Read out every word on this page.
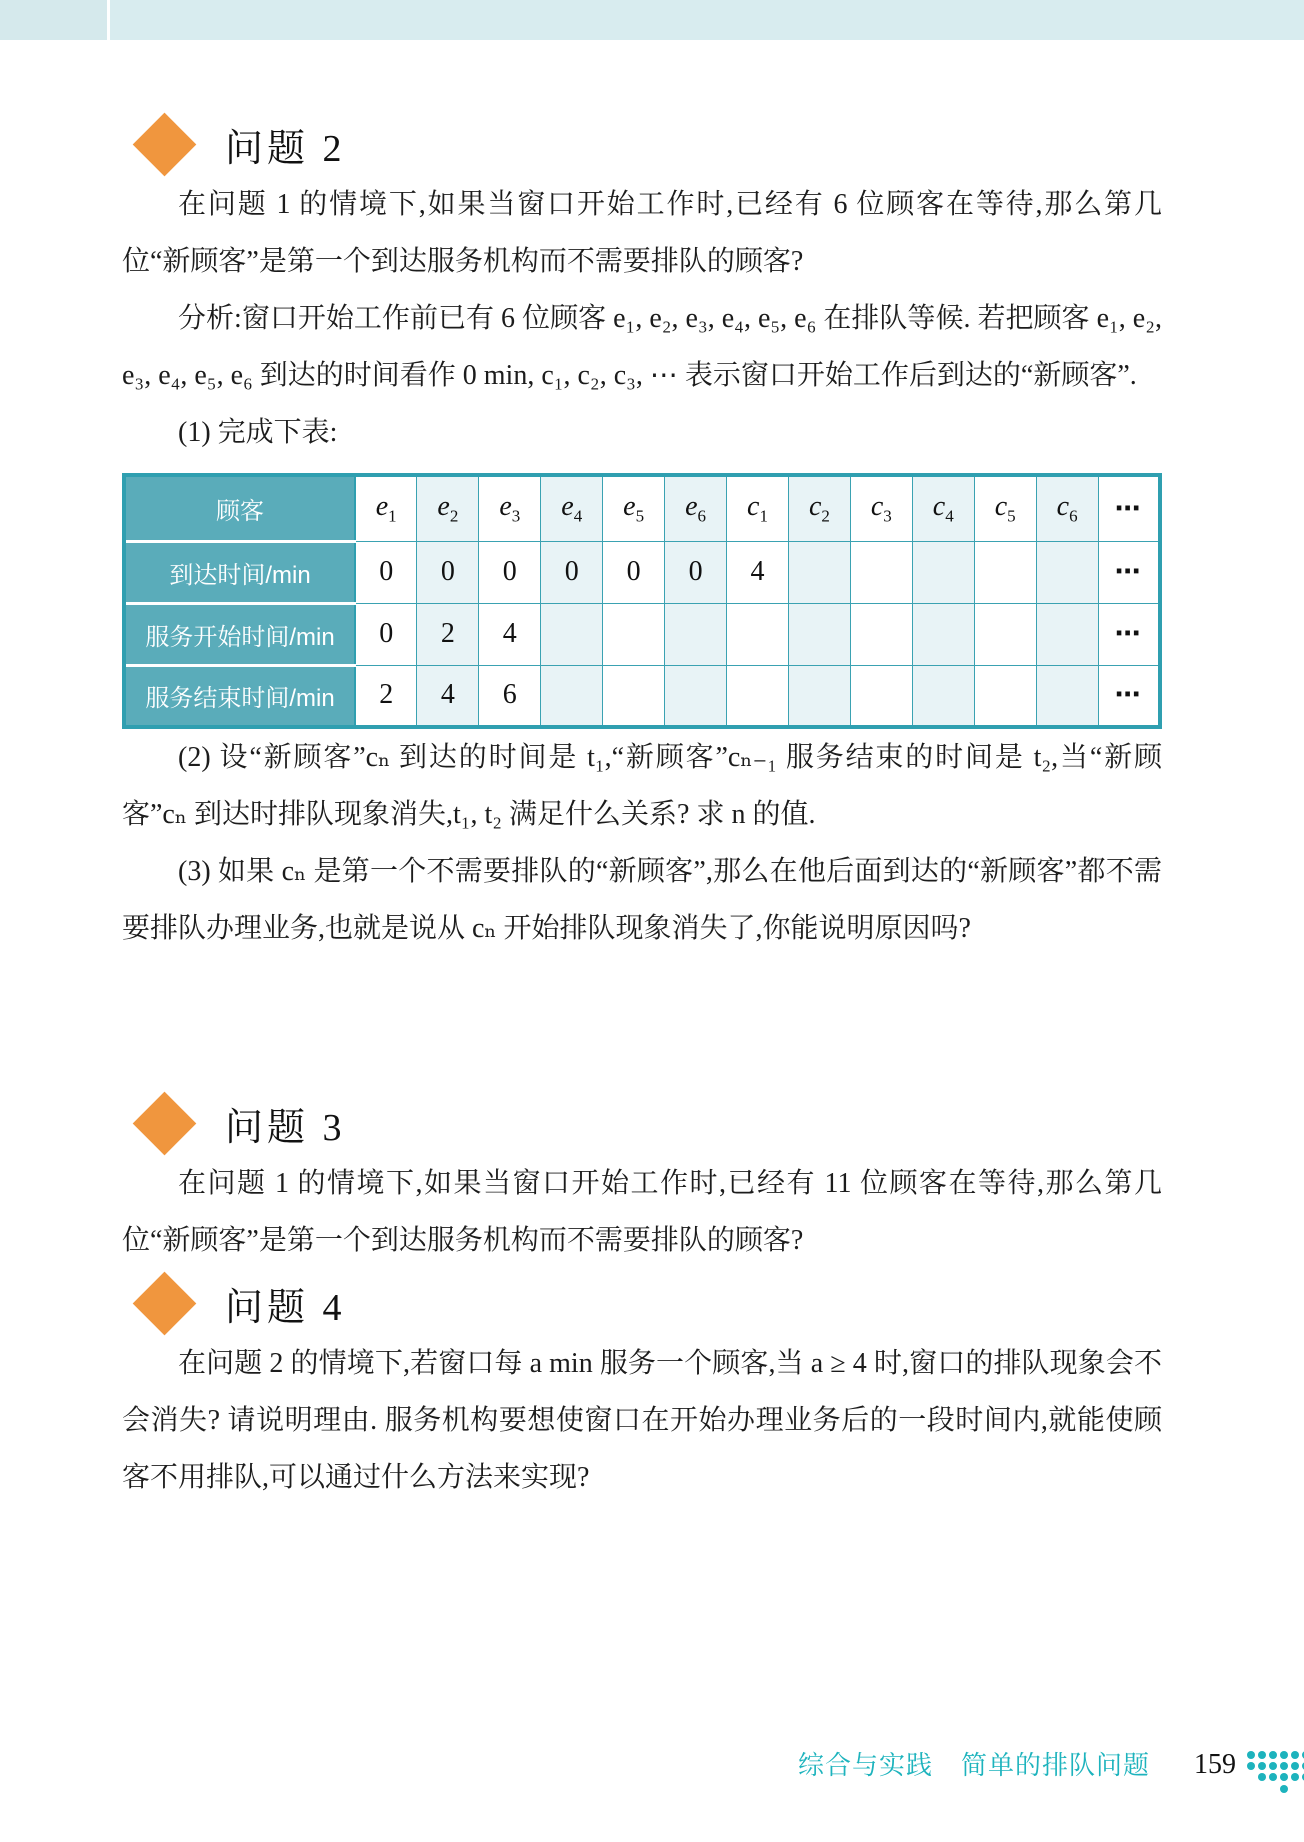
问题 2

在问题 1 的情境下,如果当窗口开始工作时,已经有 6 位顾客在等待,那么第几位“新顾客”是第一个到达服务机构而不需要排队的顾客?

分析:窗口开始工作前已有 6 位顾客 e₁, e₂, e₃, e₄, e₅, e₆ 在排队等候. 若把顾客 e₁, e₂, e₃, e₄, e₅, e₆ 到达的时间看作 0 min, c₁, c₂, c₃, ⋯ 表示窗口开始工作后到达的“新顾客”.

(1) 完成下表:

顾客	$e_1$	$e_2$	$e_3$	$e_4$	$e_5$	$e_6$	$c_1$	$c_2$	$c_3$	$c_4$	$c_5$	$c_6$	⋯
到达时间/min	0	0	0	0	0	0	4						⋯
服务开始时间/min	0	2	4										⋯
服务结束时间/min	2	4	6										⋯

(2) 设“新顾客”cₙ 到达的时间是 t₁,“新顾客”cₙ₋₁ 服务结束的时间是 t₂,当“新顾客”cₙ 到达时排队现象消失,t₁, t₂ 满足什么关系? 求 n 的值.

(3) 如果 cₙ 是第一个不需要排队的“新顾客”,那么在他后面到达的“新顾客”都不需要排队办理业务,也就是说从 cₙ 开始排队现象消失了,你能说明原因吗?

问题 3

在问题 1 的情境下,如果当窗口开始工作时,已经有 11 位顾客在等待,那么第几位“新顾客”是第一个到达服务机构而不需要排队的顾客?

问题 4

在问题 2 的情境下,若窗口每 a min 服务一个顾客,当 a ≥ 4 时,窗口的排队现象会不会消失? 请说明理由. 服务机构要想使窗口在开始办理业务后的一段时间内,就能使顾客不用排队,可以通过什么方法来实现?

综合与实践 简单的排队问题 159
